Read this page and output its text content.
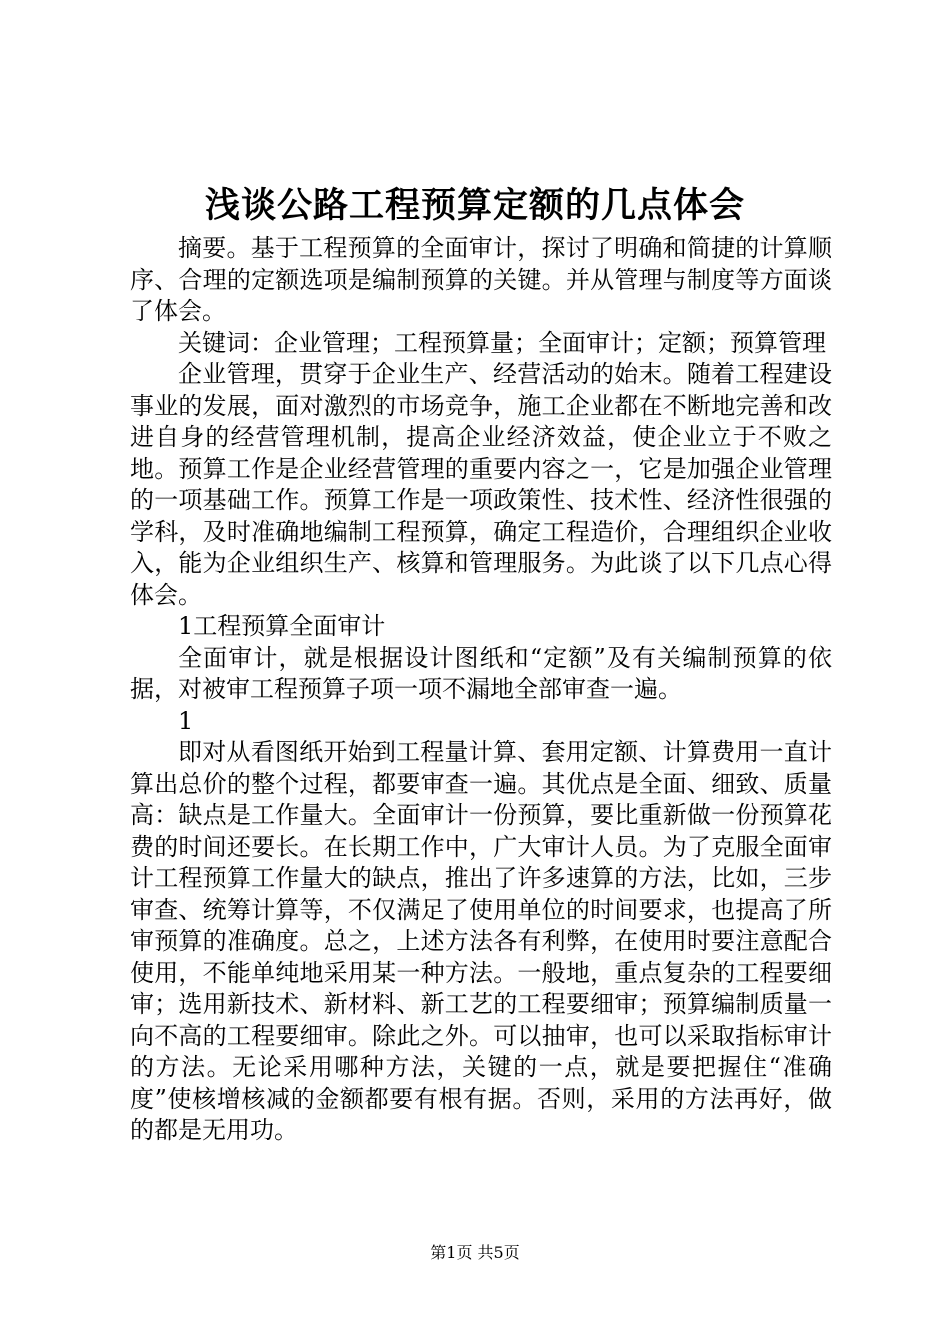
浅谈公路工程预算定额的几点体会

摘要。基于工程预算的全面审计，探讨了明确和简捷的计算顺序、合理的定额选项是编制预算的关键。并从管理与制度等方面谈了体会。

关键词：企业管理；工程预算量；全面审计；定额；预算管理

企业管理，贯穿于企业生产、经营活动的始末。随着工程建设事业的发展，面对激烈的市场竞争，施工企业都在不断地完善和改进自身的经营管理机制，提高企业经济效益，使企业立于不败之地。预算工作是企业经营管理的重要内容之一，它是加强企业管理的一项基础工作。预算工作是一项政策性、技术性、经济性很强的学科，及时准确地编制工程预算，确定工程造价，合理组织企业收入，能为企业组织生产、核算和管理服务。为此谈了以下几点心得体会。

1工程预算全面审计

全面审计，就是根据设计图纸和“定额”及有关编制预算的依据，对被审工程预算子项一项不漏地全部审查一遍。

1

即对从看图纸开始到工程量计算、套用定额、计算费用一直计算出总价的整个过程，都要审查一遍。其优点是全面、细致、质量高：缺点是工作量大。全面审计一份预算，要比重新做一份预算花费的时间还要长。在长期工作中，广大审计人员。为了克服全面审计工程预算工作量大的缺点，推出了许多速算的方法，比如，三步审查、统筹计算等，不仅满足了使用单位的时间要求，也提高了所审预算的准确度。总之，上述方法各有利弊，在使用时要注意配合使用，不能单纯地采用某一种方法。一般地，重点复杂的工程要细审；选用新技术、新材料、新工艺的工程要细审；预算编制质量一向不高的工程要细审。除此之外。可以抽审，也可以采取指标审计的方法。无论采用哪种方法，关键的一点，就是要把握住“准确度”使核增核减的金额都要有根有据。否则，采用的方法再好，做的都是无用功。

第1页 共5页
